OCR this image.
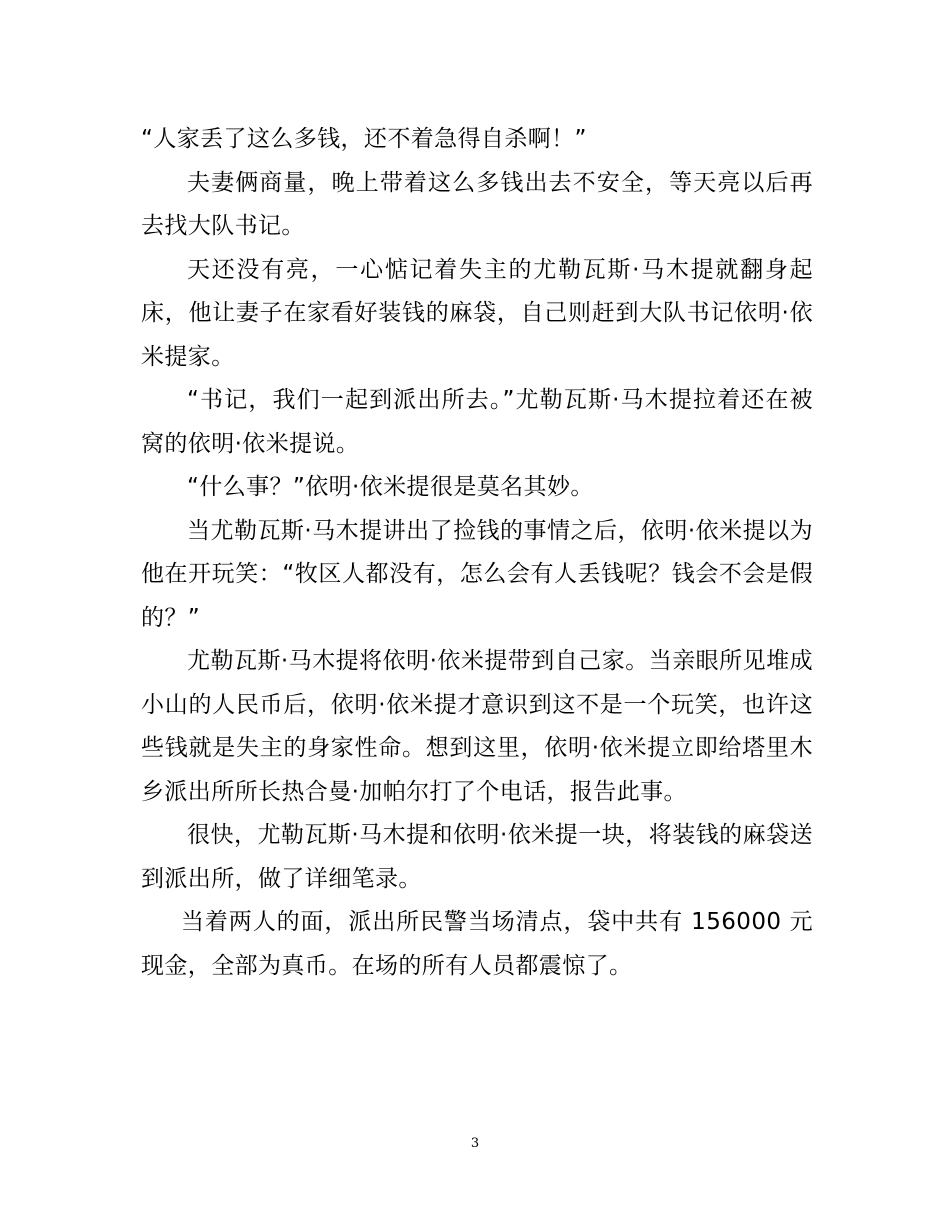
“人家丢了这么多钱，还不着急得自杀啊！”

夫妻俩商量，晚上带着这么多钱出去不安全，等天亮以后再去找大队书记。

天还没有亮，一心惦记着失主的尤勒瓦斯·马木提就翻身起床，他让妻子在家看好装钱的麻袋，自己则赶到大队书记依明·依米提家。

“书记，我们一起到派出所去。”尤勒瓦斯·马木提拉着还在被窝的依明·依米提说。

“什么事？”依明·依米提很是莫名其妙。

当尤勒瓦斯·马木提讲出了捡钱的事情之后，依明·依米提以为他在开玩笑：“牧区人都没有，怎么会有人丢钱呢？钱会不会是假的？”

尤勒瓦斯·马木提将依明·依米提带到自己家。当亲眼所见堆成小山的人民币后，依明·依米提才意识到这不是一个玩笑，也许这些钱就是失主的身家性命。想到这里，依明·依米提立即给塔里木乡派出所所长热合曼·加帕尔打了个电话，报告此事。

很快，尤勒瓦斯·马木提和依明·依米提一块，将装钱的麻袋送到派出所，做了详细笔录。

当着两人的面，派出所民警当场清点，袋中共有 156000 元现金，全部为真币。在场的所有人员都震惊了。

3
